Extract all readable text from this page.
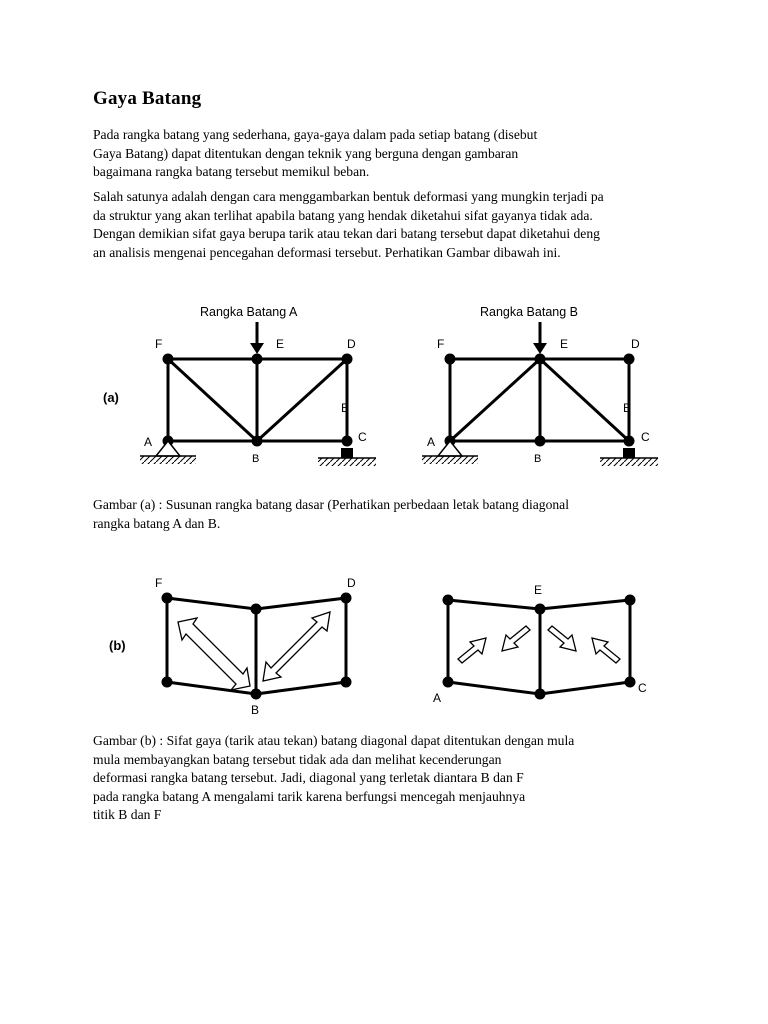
Gaya Batang
Pada rangka batang yang sederhana, gaya-gaya dalam pada setiap batang (disebut
Gaya Batang) dapat ditentukan dengan teknik yang berguna dengan gambaran
bagaimana rangka batang tersebut memikul beban.
Salah satunya adalah dengan cara menggambarkan bentuk deformasi yang mungkin terjadi pa
da struktur yang akan terlihat apabila batang yang hendak diketahui sifat gayanya tidak ada.
Dengan demikian sifat gaya berupa tarik atau tekan dari batang tersebut dapat diketahui deng
an analisis mengenai pencegahan deformasi tersebut. Perhatikan Gambar dibawah ini.
(a)
Rangka Batang A
F	E	D
A
B
B
C
Rangka Batang B
F	E	D
A
B
B
C
Gambar (a) : Susunan rangka batang dasar (Perhatikan perbedaan letak batang diagonal
rangka batang A dan B.
(b)
F	D
B
E
A
C
Gambar (b) : Sifat gaya (tarik atau tekan) batang diagonal dapat ditentukan dengan mula
mula membayangkan batang tersebut tidak ada dan melihat kecenderungan
deformasi rangka batang tersebut. Jadi, diagonal yang terletak diantara B dan F
pada rangka batang A mengalami tarik karena berfungsi mencegah menjauhnya
titik B dan F
